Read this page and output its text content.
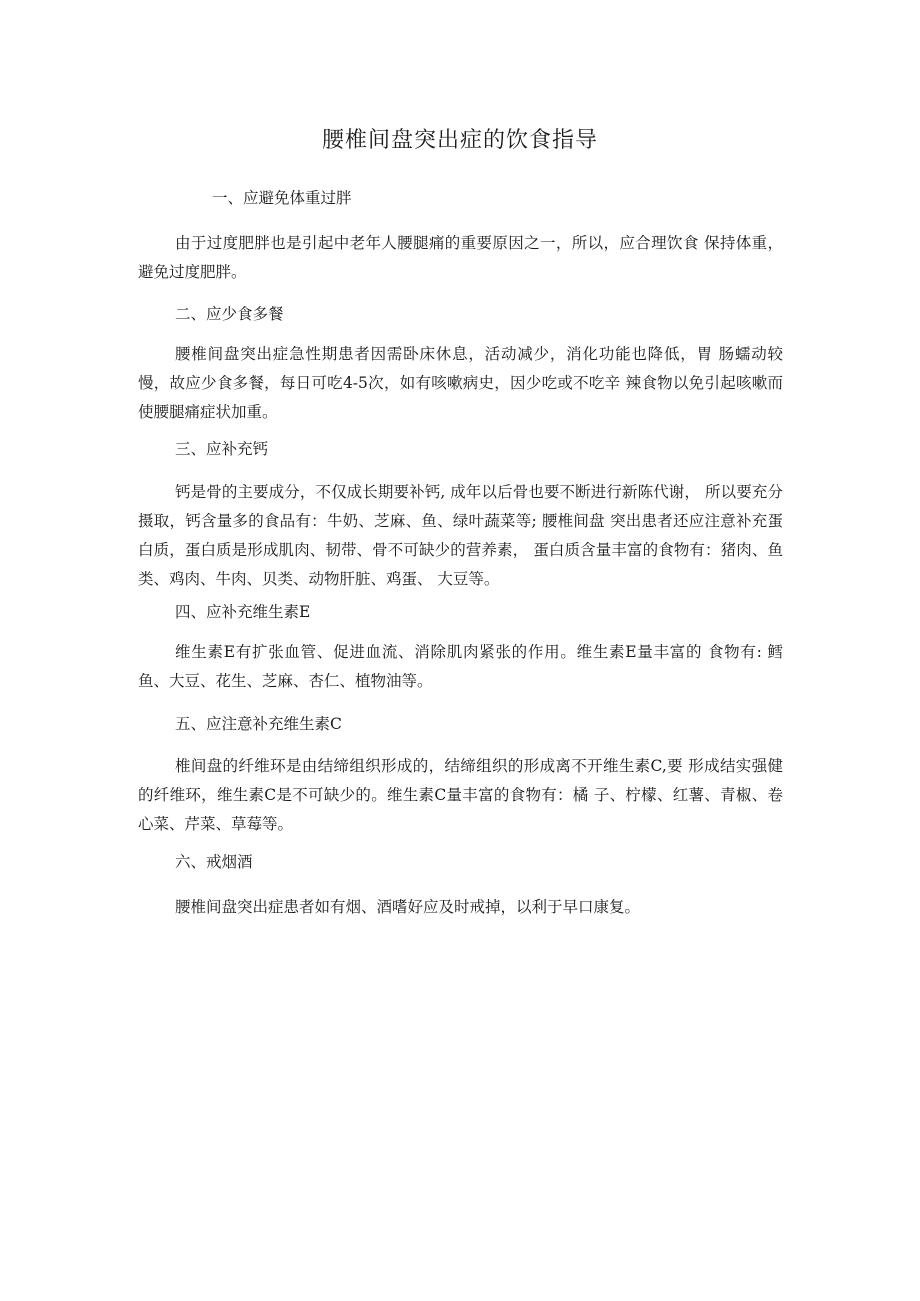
腰椎间盘突出症的饮食指导

一、应避免体重过胖

由于过度肥胖也是引起中老年人腰腿痛的重要原因之一，所以，应合理饮食 保持体重，避免过度肥胖。

二、应少食多餐

腰椎间盘突出症急性期患者因需卧床休息，活动减少，消化功能也降低，胃 肠蠕动较慢，故应少食多餐，每日可吃4-5次，如有咳嗽病史，因少吃或不吃辛 辣食物以免引起咳嗽而使腰腿痛症状加重。

三、应补充钙

钙是骨的主要成分，不仅成长期要补钙, 成年以后骨也要不断进行新陈代谢， 所以要充分摄取，钙含量多的食品有：牛奶、芝麻、鱼、绿叶蔬菜等; 腰椎间盘 突出患者还应注意补充蛋白质，蛋白质是形成肌肉、韧带、骨不可缺少的营养素， 蛋白质含量丰富的食物有：猪肉、鱼类、鸡肉、牛肉、贝类、动物肝脏、鸡蛋、 大豆等。

四、应补充维生素E

维生素E有扩张血管、促进血流、消除肌肉紧张的作用。维生素E量丰富的 食物有: 鳕鱼、大豆、花生、芝麻、杏仁、植物油等。

五、应注意补充维生素C

椎间盘的纤维环是由结缔组织形成的，结缔组织的形成离不开维生素C,要 形成结实强健的纤维环，维生素C是不可缺少的。维生素C量丰富的食物有：橘 子、柠檬、红薯、青椒、卷心菜、芹菜、草莓等。

六、戒烟酒

腰椎间盘突出症患者如有烟、酒嗜好应及时戒掉，以利于早口康复。
